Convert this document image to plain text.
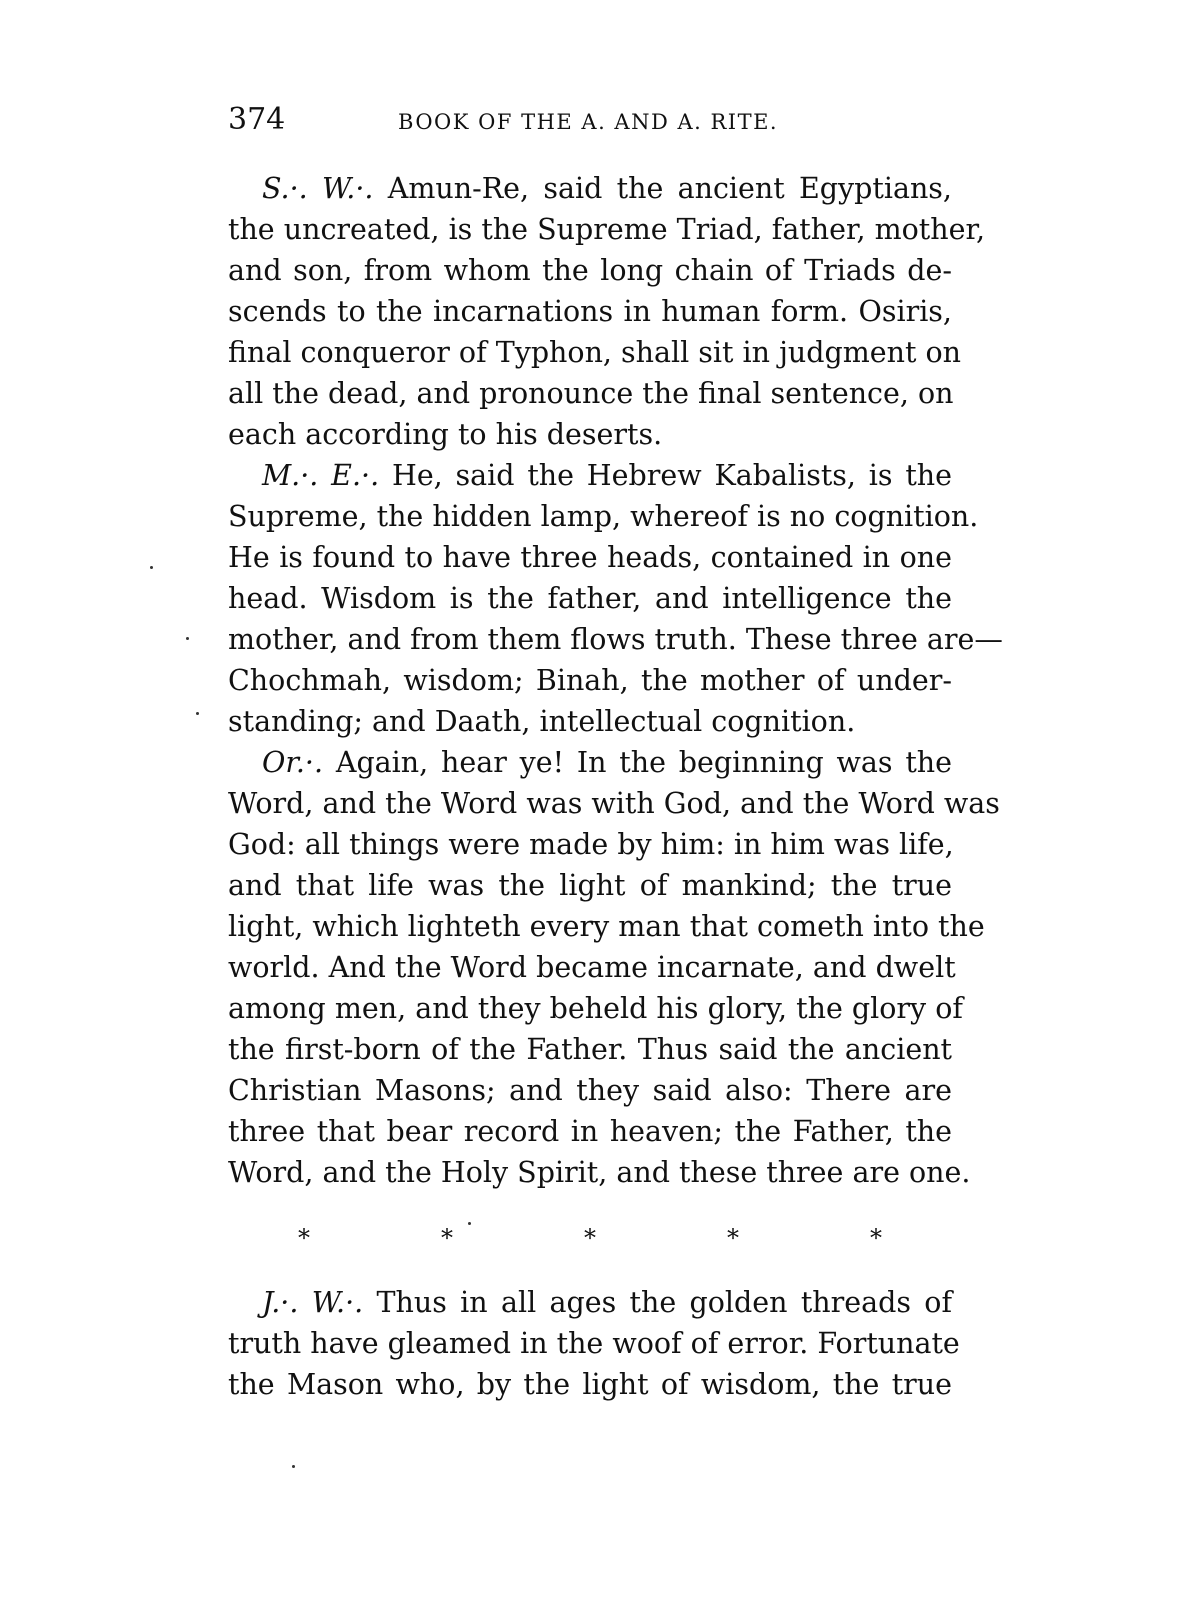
374	BOOK OF THE A. AND A. RITE.

S.·. W.·. Amun-Re, said the ancient Egyptians,
the uncreated, is the Supreme Triad, father, mother,
and son, from whom the long chain of Triads de-
scends to the incarnations in human form. Osiris,
final conqueror of Typhon, shall sit in judgment on
all the dead, and pronounce the final sentence, on
each according to his deserts.

M.·. E.·. He, said the Hebrew Kabalists, is the
Supreme, the hidden lamp, whereof is no cognition.
He is found to have three heads, contained in one
head. Wisdom is the father, and intelligence the
mother, and from them flows truth. These three are—
Chochmah, wisdom; Binah, the mother of under-
standing; and Daath, intellectual cognition.

Or.·. Again, hear ye! In the beginning was the
Word, and the Word was with God, and the Word was
God: all things were made by him: in him was life,
and that life was the light of mankind; the true
light, which lighteth every man that cometh into the
world. And the Word became incarnate, and dwelt
among men, and they beheld his glory, the glory of
the first-born of the Father. Thus said the ancient
Christian Masons; and they said also: There are
three that bear record in heaven; the Father, the
Word, and the Holy Spirit, and these three are one.

*	*	*	*	*

J.·. W.·. Thus in all ages the golden threads of
truth have gleamed in the woof of error. Fortunate
the Mason who, by the light of wisdom, the true
